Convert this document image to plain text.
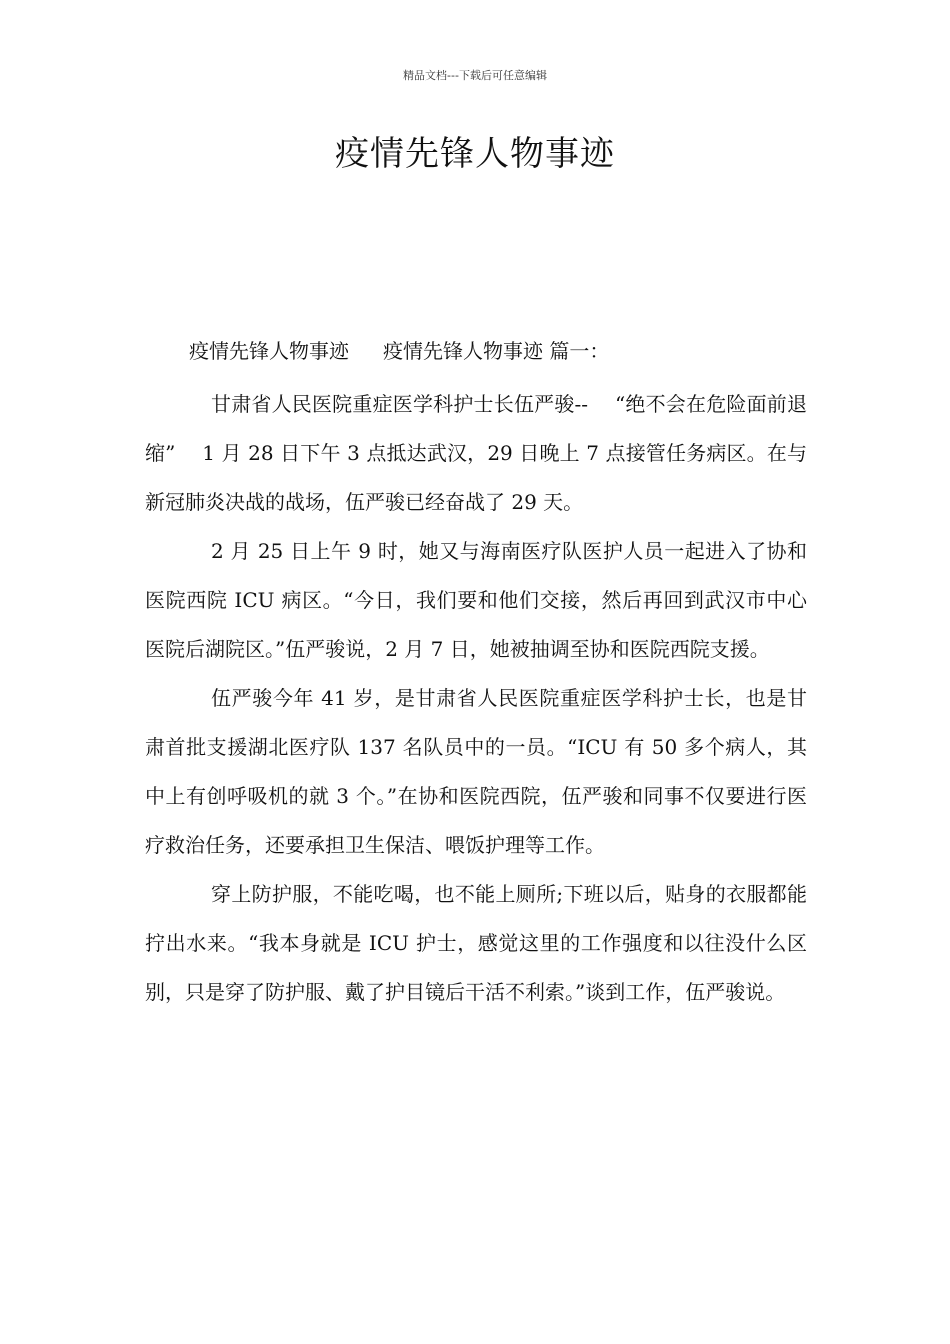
精品文档---下载后可任意编辑
疫情先锋人物事迹

疫情先锋人物事迹 疫情先锋人物事迹 篇一：

甘肃省人民医院重症医学科护士长伍严骏--　 “绝不会在危险面前退缩”　 1 月 28 日下午 3 点抵达武汉，29 日晚上 7 点接管任务病区。在与新冠肺炎决战的战场，伍严骏已经奋战了 29 天。

2 月 25 日上午 9 时，她又与海南医疗队医护人员一起进入了协和医院西院 ICU 病区。“今日，我们要和他们交接，然后再回到武汉市中心医院后湖院区。”伍严骏说，2 月 7 日，她被抽调至协和医院西院支援。

伍严骏今年 41 岁，是甘肃省人民医院重症医学科护士长，也是甘肃首批支援湖北医疗队 137 名队员中的一员。“ICU 有 50 多个病人，其中上有创呼吸机的就 3 个。”在协和医院西院，伍严骏和同事不仅要进行医疗救治任务，还要承担卫生保洁、喂饭护理等工作。

穿上防护服，不能吃喝，也不能上厕所;下班以后，贴身的衣服都能拧出水来。“我本身就是 ICU 护士，感觉这里的工作强度和以往没什么区别，只是穿了防护服、戴了护目镜后干活不利索。”谈到工作，伍严骏说。
